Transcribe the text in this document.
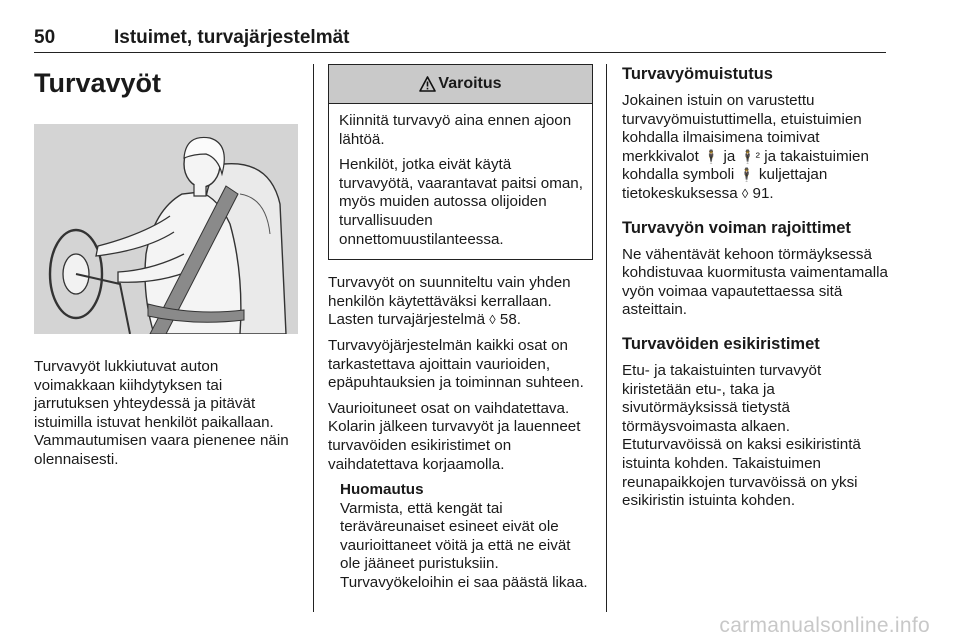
50	Istuimet, turvajärjestelmät
Turvavyöt

Turvavyöt lukkiutuvat auton voimakkaan kiihdytyksen tai jarrutuksen yhteydessä ja pitävät istuimilla istuvat henkilöt paikallaan. Vammautumisen vaara pienenee näin olennaisesti.

Varoitus

Kiinnitä turvavyö aina ennen ajoon lähtöä.

Henkilöt, jotka eivät käytä turvavyötä, vaarantavat paitsi oman, myös muiden autossa olijoiden turvallisuuden onnettomuustilanteessa.

Turvavyöt on suunniteltu vain yhden henkilön käytettäväksi kerrallaan. Lasten turvajärjestelmä ◊ 58.

Turvavyöjärjestelmän kaikki osat on tarkastettava ajoittain vaurioiden, epäpuhtauksien ja toiminnan suhteen.

Vaurioituneet osat on vaihdatettava. Kolarin jälkeen turvavyöt ja lauenneet turvavöiden esikiristimet on vaihdatettava korjaamolla.

Huomautus

Varmista, että kengät tai teräväreunaiset esineet eivät ole vaurioittaneet vöitä ja että ne eivät ole jääneet puristuksiin. Turvavyökeloihin ei saa päästä likaa.

Turvavyömuistutus

Jokainen istuin on varustettu turvavyömuistuttimella, etuistuimien kohdalla ilmaisimena toimivat merkkivalot 🕴 ja 🕴² ja takaistuimien kohdalla symboli 🕴 kuljettajan tietokeskuksessa ◊ 91.

Turvavyön voiman rajoittimet

Ne vähentävät kehoon törmäyksessä kohdistuvaa kuormitusta vaimentamalla vyön voimaa vapautettaessa sitä asteittain.

Turvavöiden esikiristimet

Etu- ja takaistuinten turvavyöt kiristetään etu-, taka ja sivutörmäyksissä tietystä törmäysvoimasta alkaen. Etuturvavöissä on kaksi esikiristintä istuinta kohden. Takaistuimen reunapaikkojen turvavöissä on yksi esikiristin istuinta kohden.

carmanualsonline.info
